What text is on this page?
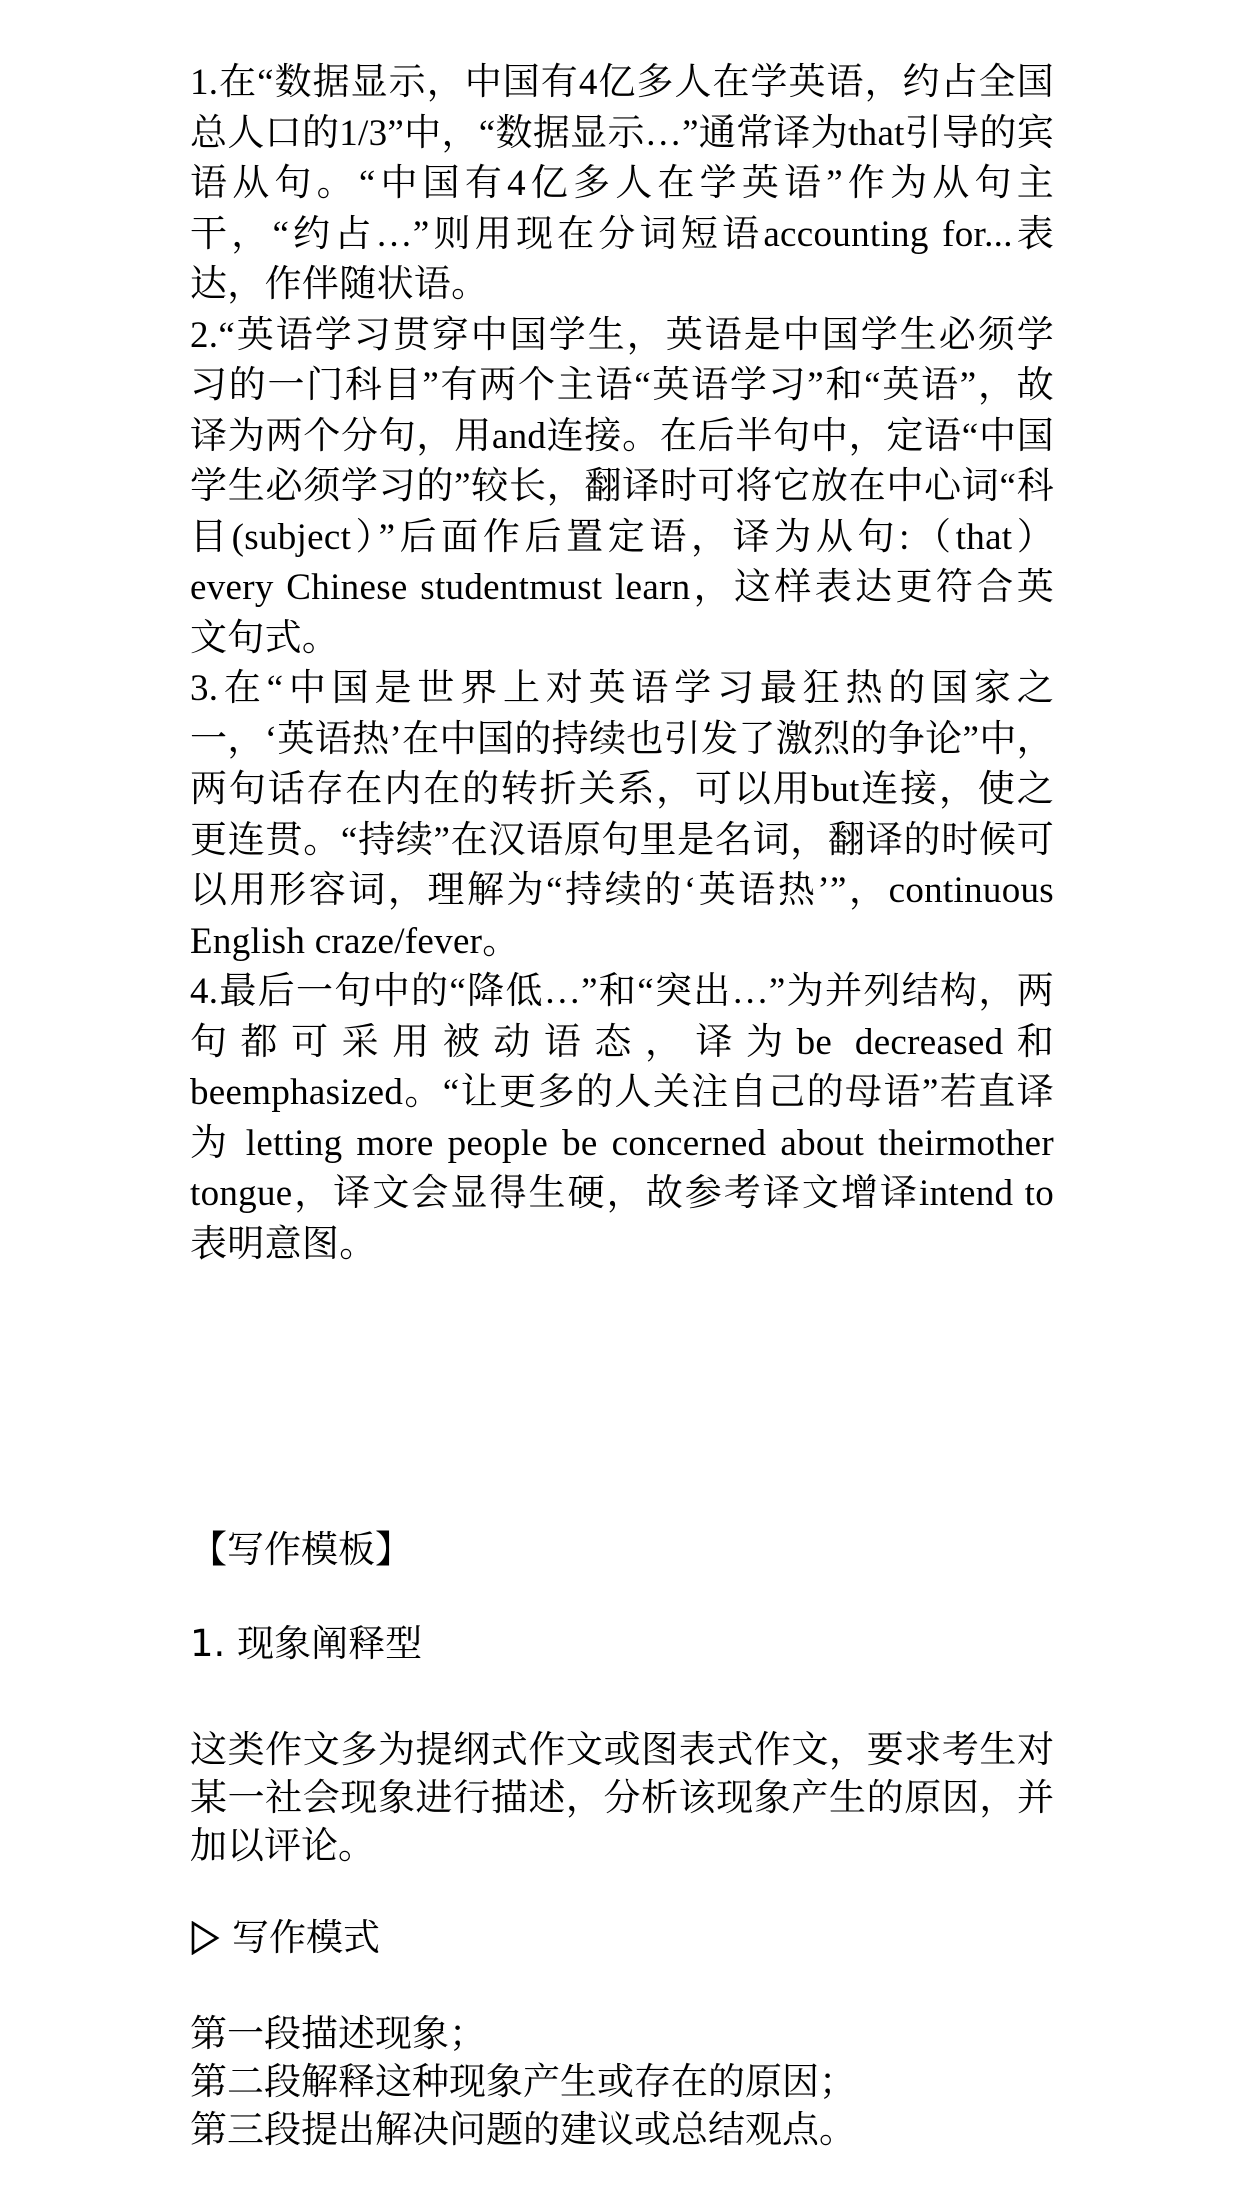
1.在“数据显示，中国有4亿多人在学英语，约占全国总人口的1/3”中，“数据显示…”通常译为that引导的宾语从句。“中国有4亿多人在学英语”作为从句主干，“约占…”则用现在分词短语accounting for...表达，作伴随状语。

2.“英语学习贯穿中国学生，英语是中国学生必须学习的一门科目”有两个主语“英语学习”和“英语”，故译为两个分句，用and连接。在后半句中，定语“中国学生必须学习的”较长，翻译时可将它放在中心词“科目(subject）”后面作后置定语，译为从句:（that）every Chinese studentmust learn，这样表达更符合英文句式。

3.在“中国是世界上对英语学习最狂热的国家之一，‘英语热’在中国的持续也引发了激烈的争论”中，两句话存在内在的转折关系，可以用but连接，使之更连贯。“持续”在汉语原句里是名词，翻译的时候可以用形容词，理解为“持续的‘英语热’”，continuous English craze/fever。

4.最后一句中的“降低…”和“突出…”为并列结构，两句都可采用被动语态，译为be decreased和beemphasized。“让更多的人关注自己的母语”若直译为 letting more people be concerned about theirmother tongue，译文会显得生硬，故参考译文增译intend to表明意图。

【写作模板】

1. 现象阐释型

这类作文多为提纲式作文或图表式作文，要求考生对某一社会现象进行描述，分析该现象产生的原因，并加以评论。

写作模式

第一段描述现象；

第二段解释这种现象产生或存在的原因；

第三段提出解决问题的建议或总结观点。
